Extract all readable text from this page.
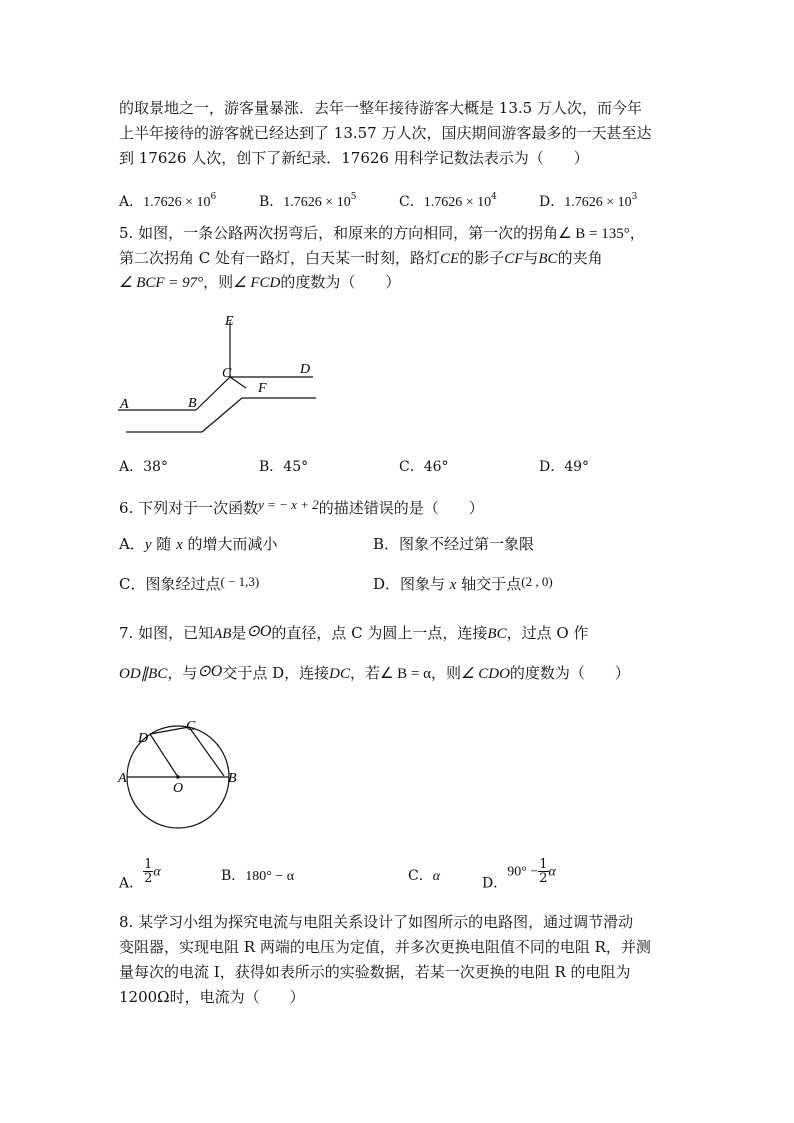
的取景地之一，游客量暴涨．去年一整年接待游客大概是 13.5 万人次，而今年
上半年接待的游客就已经达到了 13.57 万人次，国庆期间游客最多的一天甚至达
到 17626 人次，创下了新纪录．17626 用科学记数法表示为（　　）
A．$1.7626 \times 10^6$	B．$1.7626 \times 10^5$	C．$1.7626 \times 10^4$	D．$1.7626 \times 10^3$
5. 如图，一条公路两次拐弯后，和原来的方向相同，第一次的拐角∠ B = 135°，
第二次拐角 C 处有一路灯，白天某一时刻，路灯CE的影子CF与BC的夹角
∠ BCF = 97°，则∠ FCD的度数为（　　）
E
C	D
F
A	B
A．38°	B．45°	C．46°	D．49°
6. 下列对于一次函数y = − x + 2的描述错误的是（　　）
A．y 随 x 的增大而减小	B．图象不经过第一象限
C．图象经过点( − 1,3)	D．图象与 x 轴交于点(2 , 0)
7. 如图，已知AB是⊙O的直径，点 C 为圆上一点，连接BC，过点 O 作
OD∥BC，与⊙O交于点 D，连接DC，若∠ B = α，则∠ CDO的度数为（　　）
D
C
A
O
B
A． $\frac{1}{2}$ α	B．180° − α	C．α	D．$90^\circ - \frac{1}{2}$ α
8. 某学习小组为探究电流与电阻关系设计了如图所示的电路图，通过调节滑动
变阻器，实现电阻 R 两端的电压为定值，并多次更换电阻值不同的电阻 R，并测
量每次的电流 I，获得如表所示的实验数据，若某一次更换的电阻 R 的电阻为
1200Ω时，电流为（　　）
